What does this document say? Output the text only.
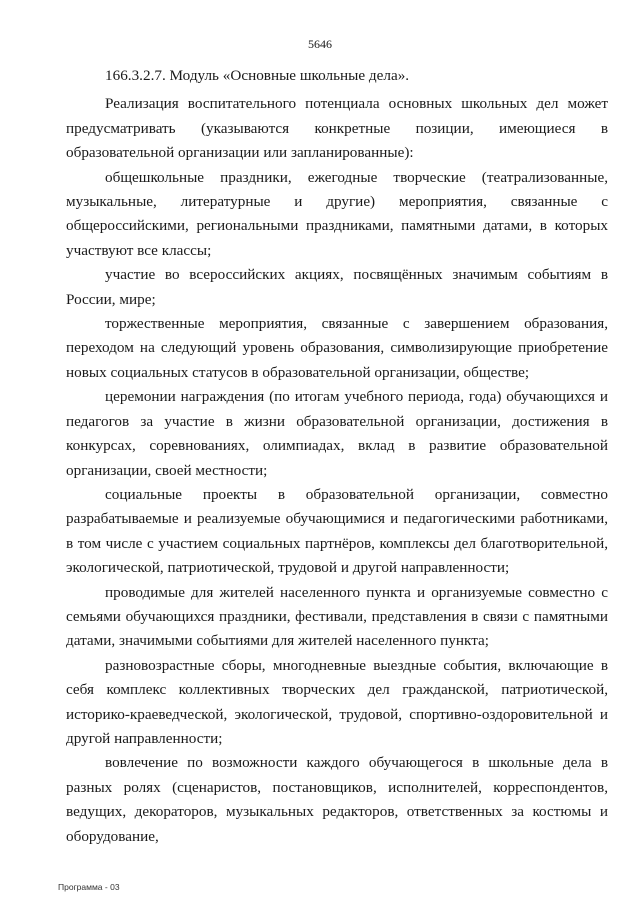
5646

166.3.2.7. Модуль «Основные школьные дела».

Реализация воспитательного потенциала основных школьных дел может предусматривать (указываются конкретные позиции, имеющиеся в образовательной организации или запланированные):

общешкольные праздники, ежегодные творческие (театрализованные, музыкальные, литературные и другие) мероприятия, связанные с общероссийскими, региональными праздниками, памятными датами, в которых участвуют все классы;

участие во всероссийских акциях, посвящённых значимым событиям в России, мире;

торжественные мероприятия, связанные с завершением образования, переходом на следующий уровень образования, символизирующие приобретение новых социальных статусов в образовательной организации, обществе;

церемонии награждения (по итогам учебного периода, года) обучающихся и педагогов за участие в жизни образовательной организации, достижения в конкурсах, соревнованиях, олимпиадах, вклад в развитие образовательной организации, своей местности;

социальные проекты в образовательной организации, совместно разрабатываемые и реализуемые обучающимися и педагогическими работниками, в том числе с участием социальных партнёров, комплексы дел благотворительной, экологической, патриотической, трудовой и другой направленности;

проводимые для жителей населенного пункта и организуемые совместно с семьями обучающихся праздники, фестивали, представления в связи с памятными датами, значимыми событиями для жителей населенного пункта;

разновозрастные сборы, многодневные выездные события, включающие в себя комплекс коллективных творческих дел гражданской, патриотической, историко-краеведческой, экологической, трудовой, спортивно-оздоровительной и другой направленности;

вовлечение по возможности каждого обучающегося в школьные дела в разных ролях (сценаристов, постановщиков, исполнителей, корреспондентов, ведущих, декораторов, музыкальных редакторов, ответственных за костюмы и оборудование,

Программа - 03
